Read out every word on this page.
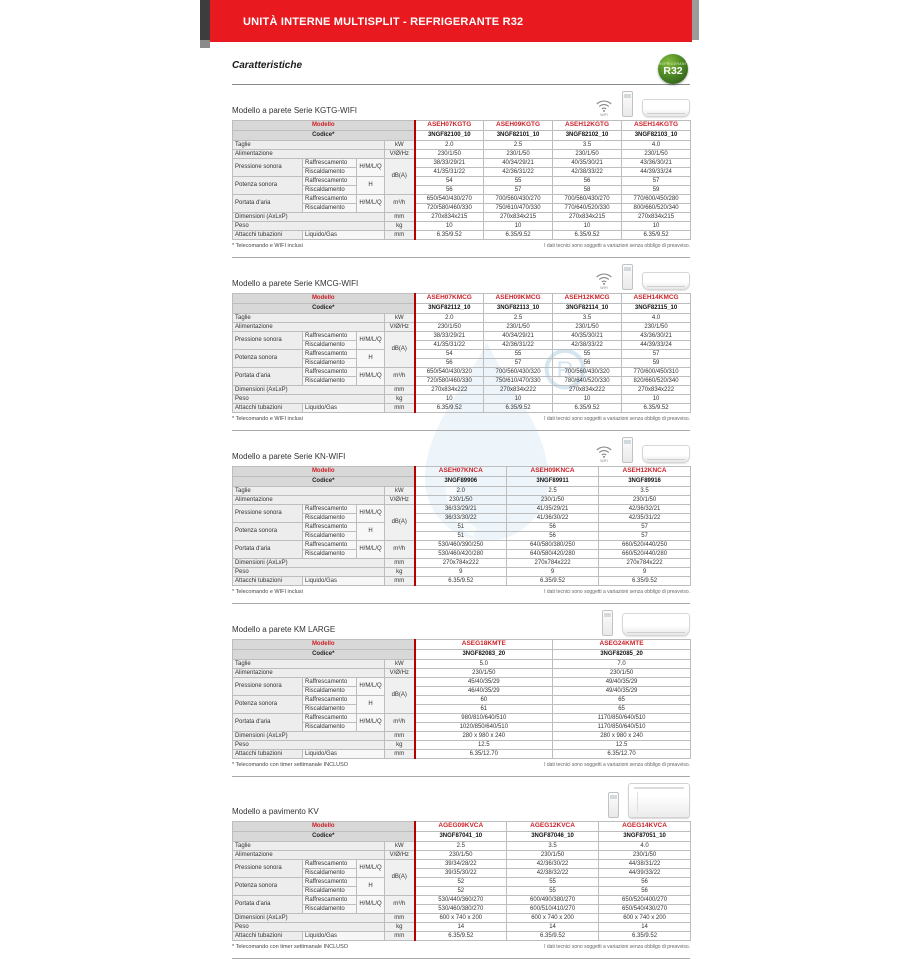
UNITÀ INTERNE MULTISPLIT - REFRIGERANTE R32
R
Caratteristiche	REFRIGERANT
R32
Modello a parete Serie KGTG-WIFI	WIFI
Modello				ASEH07KGTG	ASEH09KGTG	ASEH12KGTG	ASEH14KGTG
Codice*				3NGF82100_10	3NGF82101_10	3NGF82102_10	3NGF82103_10
Taglie			kW	2.0	2.5	3.5	4.0
Alimentazione			V/Ø/Hz	230/1/50	230/1/50	230/1/50	230/1/50
Pressione sonora	Raffrescamento	H/M/L/Q	dB(A)	38/33/29/21	40/34/29/21	40/35/30/21	43/36/30/21
	Riscaldamento			41/35/31/22	42/36/31/22	42/38/33/22	44/39/33/24
Potenza sonora	Raffrescamento	H		54	55	56	57
	Riscaldamento			56	57	58	59
Portata d'aria	Raffrescamento	H/M/L/Q	m³/h	650/540/430/270	700/560/430/270	700/560/430/270	770/600/450/280
	Riscaldamento			720/580/460/330	750/610/470/330	770/640/520/330	800/660/520/340
Dimensioni (AxLxP)			mm	270x834x215	270x834x215	270x834x215	270x834x215
Peso			kg	10	10	10	10
Attacchi tubazioni	Liquido/Gas		mm	6.35/9.52	6.35/9.52	6.35/9.52	6.35/9.52
* Telecomando e WIFI inclusi	I dati tecnici sono soggetti a variazioni senza obbligo di preavviso.
Modello a parete Serie KMCG-WIFI	WIFI
Modello				ASEH07KMCG	ASEH09KMCG	ASEH12KMCG	ASEH14KMCG
Codice*				3NGF82112_10	3NGF82113_10	3NGF82114_10	3NGF82115_10
Taglie			kW	2.0	2.5	3.5	4.0
Alimentazione			V/Ø/Hz	230/1/50	230/1/50	230/1/50	230/1/50
Pressione sonora	Raffrescamento	H/M/L/Q	dB(A)	38/33/29/21	40/34/29/21	40/35/30/21	43/36/30/21
	Riscaldamento			41/35/31/22	42/36/31/22	42/38/33/22	44/39/33/24
Potenza sonora	Raffrescamento	H		54	55	55	57
	Riscaldamento			56	57	56	59
Portata d'aria	Raffrescamento	H/M/L/Q	m³/h	650/540/430/320	700/560/430/320	700/560/430/320	770/600/450/310
	Riscaldamento			720/580/460/330	750/610/470/330	780/640/520/330	820/660/520/340
Dimensioni (AxLxP)			mm	270x834x222	270x834x222	270x834x222	270x834x222
Peso			kg	10	10	10	10
Attacchi tubazioni	Liquido/Gas		mm	6.35/9.52	6.35/9.52	6.35/9.52	6.35/9.52
* Telecomando e WIFI inclusi	I dati tecnici sono soggetti a variazioni senza obbligo di preavviso.
Modello a parete Serie KN-WIFI	WIFI
Modello				ASEH07KNCA	ASEH09KNCA	ASEH12KNCA
Codice*				3NGF89906	3NGF89911	3NGF89916
Taglie			kW	2.0	2.5	3.5
Alimentazione			V/Ø/Hz	230/1/50	230/1/50	230/1/50
Pressione sonora	Raffrescamento	H/M/L/Q	dB(A)	36/33/29/21	41/35/29/21	42/36/32/21
	Riscaldamento			36/33/30/22	41/36/30/22	42/35/31/22
Potenza sonora	Raffrescamento	H		51	56	57
	Riscaldamento			51	56	57
Portata d'aria	Raffrescamento	H/M/L/Q	m³/h	530/460/390/250	640/580/380/250	660/520/440/250
	Riscaldamento			530/460/420/280	640/580/420/280	660/520/440/280
Dimensioni (AxLxP)			mm	270x784x222	270x784x222	270x784x222
Peso			kg	9	9	9
Attacchi tubazioni	Liquido/Gas		mm	6.35/9.52	6.35/9.52	6.35/9.52
* Telecomando e WIFI inclusi	I dati tecnici sono soggetti a variazioni senza obbligo di preavviso.
Modello a parete KM LARGE
Modello				ASEG18KMTE	ASEG24KMTE
Codice*				3NGF82083_20	3NGF82085_20
Taglie			kW	5.0	7.0
Alimentazione			V/Ø/Hz	230/1/50	230/1/50
Pressione sonora	Raffrescamento	H/M/L/Q	dB(A)	45/40/35/29	49/40/35/29
	Riscaldamento			46/40/35/29	49/40/35/29
Potenza sonora	Raffrescamento	H		60	65
	Riscaldamento			61	65
Portata d'aria	Raffrescamento	H/M/L/Q	m³/h	980/810/640/510	1170/850/640/510
	Riscaldamento			1020/850/640/510	1170/850/640/510
Dimensioni (AxLxP)			mm	280 x 980 x 240	280 x 980 x 240
Peso			kg	12.5	12.5
Attacchi tubazioni	Liquido/Gas		mm	6.35/12.70	6.35/12.70
* Telecomando con timer settimanale INCLUSO	I dati tecnici sono soggetti a variazioni senza obbligo di preavviso.
Modello a pavimento KV
Modello				AGEG09KVCA	AGEG12KVCA	AGEG14KVCA
Codice*				3NGF87041_10	3NGF87046_10	3NGF87051_10
Taglie			kW	2.5	3.5	4.0
Alimentazione			V/Ø/Hz	230/1/50	230/1/50	230/1/50
Pressione sonora	Raffrescamento	H/M/L/Q	dB(A)	39/34/28/22	42/36/30/22	44/38/31/22
	Riscaldamento			39/35/30/22	42/38/32/22	44/39/33/22
Potenza sonora	Raffrescamento	H		52	55	56
	Riscaldamento			52	55	56
Portata d'aria	Raffrescamento	H/M/L/Q	m³/h	530/440/360/270	600/490/380/270	650/520/400/270
	Riscaldamento			530/460/380/270	600/510/410/270	650/540/430/270
Dimensioni (AxLxP)			mm	600 x 740 x 200	600 x 740 x 200	600 x 740 x 200
Peso			kg	14	14	14
Attacchi tubazioni	Liquido/Gas		mm	6.35/9.52	6.35/9.52	6.35/9.52
* Telecomando con timer settimanale INCLUSO	I dati tecnici sono soggetti a variazioni senza obbligo di preavviso.
